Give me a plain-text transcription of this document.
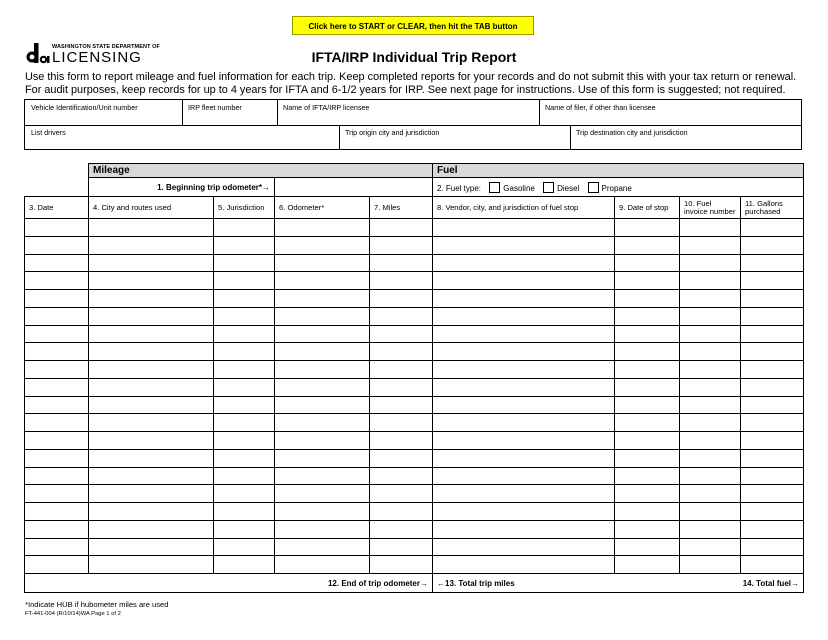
Click here to START or CLEAR, then hit the TAB button
WASHINGTON STATE DEPARTMENT OF
LICENSING	IFTA/IRP Individual Trip Report
Use this form to report mileage and fuel information for each trip. Keep completed reports for your records and do not submit this with your tax return or renewal. For audit purposes, keep records for up to 4 years for IFTA and 6-1/2 years for IRP. See next page for instructions. Use of this form is suggested; not required.
Vehicle Identification/Unit number	IRP fleet number	Name of IFTA/IRP licensee	Name of filer, if other than licensee
List drivers	Trip origin city and jurisdiction	Trip destination city and jurisdiction
	Mileage				Fuel			
	1. Beginning trip odometer*→				2. Fuel type: Gasoline Diesel Propane			
3. Date	4. City and routes used	5. Jurisdiction	6. Odometer*	7. Miles	8. Vendor, city, and jurisdiction of fuel stop	9. Date of stop	10. Fuel invoice number	11. Gallons purchased

12. End of trip odometer→					←13. Total trip miles 14. Total fuel→			
*Indicate HUB if hubometer miles are used
FT-441-004 (R/10/14)WA Page 1 of 2
